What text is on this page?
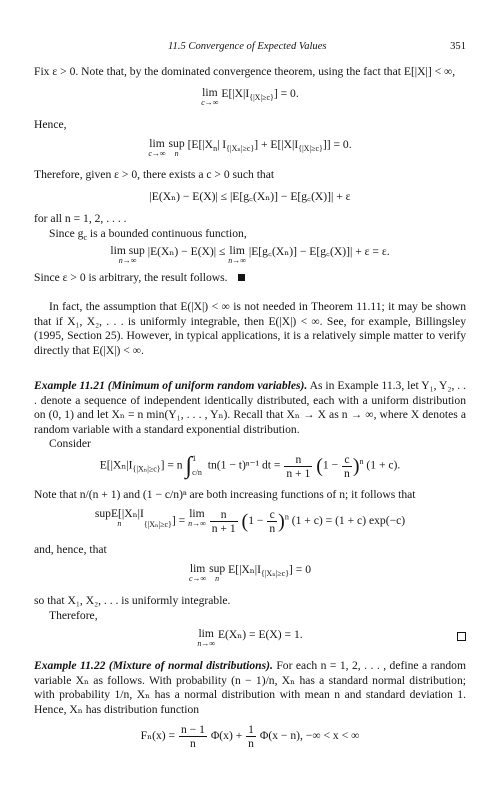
11.5 Convergence of Expected Values	351
Fix ε > 0. Note that, by the dominated convergence theorem, using the fact that E[|X|] < ∞,
lim
c→∞
$E[|X|I_{\{|X|\ge c\}}] = 0$.
Hence,
lim
c→∞
sup
n
[$E[|X_n|$ $I_{\{|X_n|\ge c\}}] + E[|X|I_{\{|X|\ge c\}}]] = 0$.
Therefore, given ε > 0, there exists a c > 0 such that
|E(Xₙ) − E(X)| ≤ |E[g꜀(Xₙ)] − E[g꜀(X)]| + ε
for all n = 1, 2, . . . .
Since $g_c$ is a bounded continuous function,
lim sup
n→∞
|E(Xₙ) − E(X)| ≤ lim
n→∞
|E[g꜀(Xₙ)] − E[g꜀(X)]| + ε = ε.
Since ε > 0 is arbitrary, the result follows.
In fact, the assumption that E(|X|) < ∞ is not needed in Theorem 11.11; it may be shown that if X₁, X₂, . . . is uniformly integrable, then E(|X|) < ∞. See, for example, Billingsley (1995, Section 25). However, in typical applications, it is a relatively simple matter to verify directly that E(|X|) < ∞.
Example 11.21 (Minimum of uniform random variables). As in Example 11.3, let Y₁, Y₂, . . . denote a sequence of independent identically distributed, each with a uniform distribution on (0, 1) and let Xₙ = n min(Y₁, . . . , Yₙ). Recall that Xₙ → X as n → ∞, where X denotes a random variable with a standard exponential distribution.
Consider
$E[|X_n|I_{\{|X_n|\ge c\}}] = n$ ∫ 1
c/n
tn(1 − t)ⁿ⁻¹ dt = $\frac{n}{n + 1} (1 - \frac{c}{n} )^n$ (1 + c).
Note that n/(n + 1) and (1 − c/n)ⁿ are both increasing functions of n; it follows that
supE[|Xₙ|I
n	$_{\{|X_n|\ge c\}}$] = lim
n→∞
$\frac{n}{n + 1} (1 - \frac{c}{n} )^n$ (1 + c) = (1 + c) exp(−c)
and, hence, that
lim
c→∞
sup
n
$E[|X_n|I_{\{|X_n|\ge c\}}] = 0$
so that X₁, X₂, . . . is uniformly integrable.
Therefore,
lim
n→∞
E(Xₙ) = E(X) = 1.
Example 11.22 (Mixture of normal distributions). For each n = 1, 2, . . . , define a random variable Xₙ as follows. With probability (n − 1)/n, Xₙ has a standard normal distribution; with probability 1/n, Xₙ has a normal distribution with mean n and standard deviation 1. Hence, Xₙ has distribution function
$F_n(x) = \frac{n - 1}{n} \Phi(x) + \frac{1}{n} \Phi(x - n)$, −∞ < x < ∞
